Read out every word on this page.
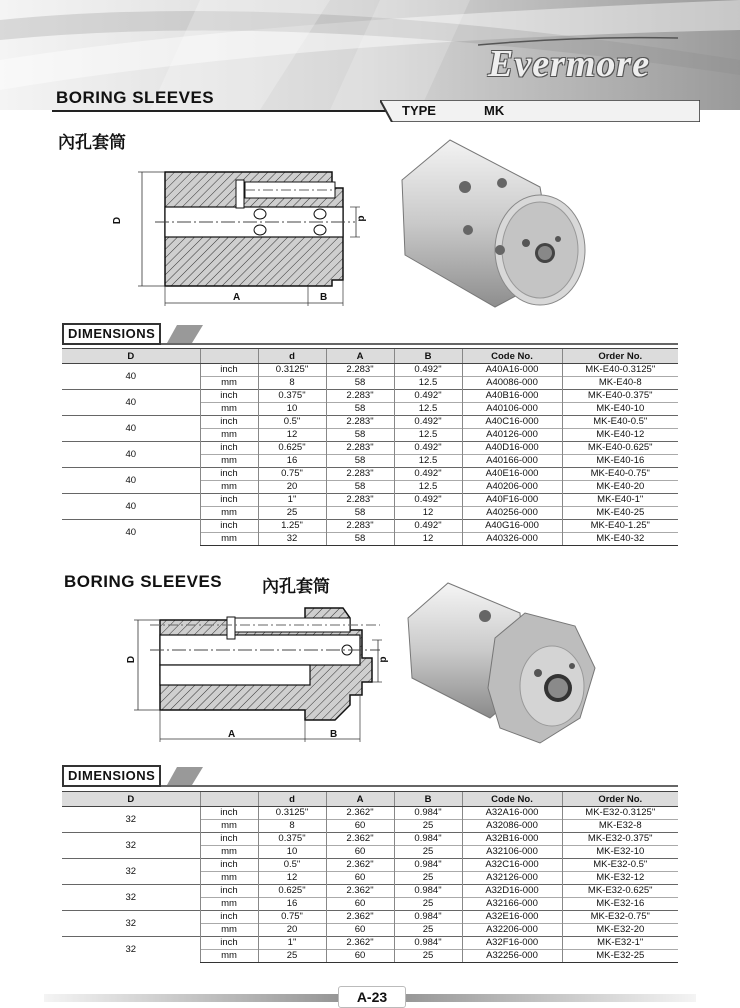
Evermore
BORING SLEEVES
TYPE	MK
內孔套筒
D	d
A	B
DIMENSIONS
D		d	A	B	Code No.	Order No.
40	inch	0.3125"	2.283"	0.492"	A40A16-000	MK-E40-0.3125"
	mm	8	58	12.5	A40086-000	MK-E40-8
40	inch	0.375"	2.283"	0.492"	A40B16-000	MK-E40-0.375"
	mm	10	58	12.5	A40106-000	MK-E40-10
40	inch	0.5"	2.283"	0.492"	A40C16-000	MK-E40-0.5"
	mm	12	58	12.5	A40126-000	MK-E40-12
40	inch	0.625"	2.283"	0.492"	A40D16-000	MK-E40-0.625"
	mm	16	58	12.5	A40166-000	MK-E40-16
40	inch	0.75"	2.283"	0.492"	A40E16-000	MK-E40-0.75"
	mm	20	58	12.5	A40206-000	MK-E40-20
40	inch	1"	2.283"	0.492"	A40F16-000	MK-E40-1"
	mm	25	58	12	A40256-000	MK-E40-25
40	inch	1.25"	2.283"	0.492"	A40G16-000	MK-E40-1.25"
	mm	32	58	12	A40326-000	MK-E40-32
BORING SLEEVES 內孔套筒
D	d
A	B
DIMENSIONS
D		d	A	B	Code No.	Order No.
32	inch	0.3125"	2.362"	0.984"	A32A16-000	MK-E32-0.3125"
	mm	8	60	25	A32086-000	MK-E32-8
32	inch	0.375"	2.362"	0.984"	A32B16-000	MK-E32-0.375"
	mm	10	60	25	A32106-000	MK-E32-10
32	inch	0.5"	2.362"	0.984"	A32C16-000	MK-E32-0.5"
	mm	12	60	25	A32126-000	MK-E32-12
32	inch	0.625"	2.362"	0.984"	A32D16-000	MK-E32-0.625"
	mm	16	60	25	A32166-000	MK-E32-16
32	inch	0.75"	2.362"	0.984"	A32E16-000	MK-E32-0.75"
	mm	20	60	25	A32206-000	MK-E32-20
32	inch	1"	2.362"	0.984"	A32F16-000	MK-E32-1"
	mm	25	60	25	A32256-000	MK-E32-25
A-23
